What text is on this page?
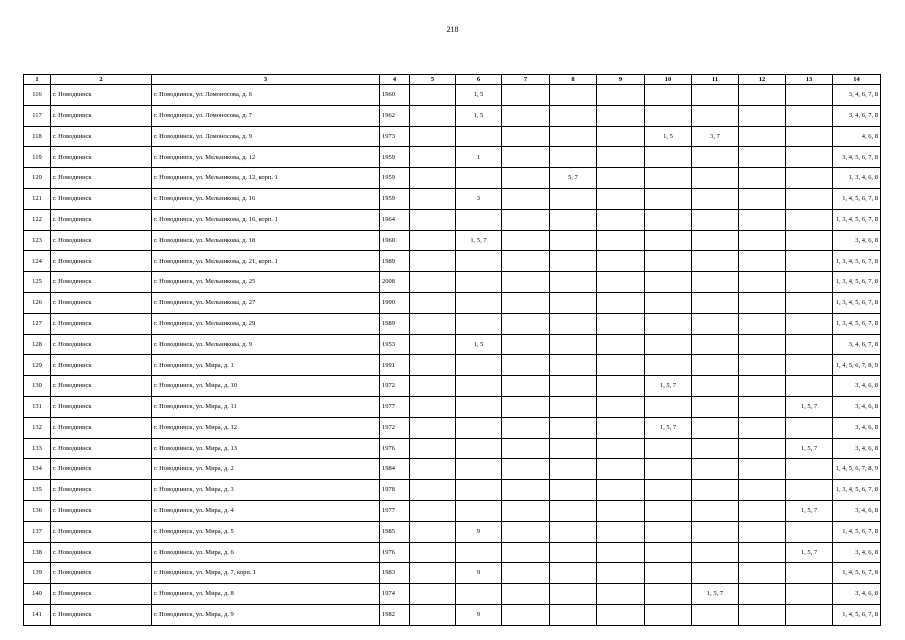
218
1	2	3	4	5	6	7	8	9	10	11	12	13	14
116	г. Новодвинск	г. Новодвинск, ул. Ломоносова, д. 6	1960		1, 5								3, 4, 6, 7, 8
117	г. Новодвинск	г. Новодвинск, ул. Ломоносова, д. 7	1962		1, 5								3, 4, 6, 7, 8
118	г. Новодвинск	г. Новодвинск, ул. Ломоносова, д. 9	1973						1, 5	3, 7			4, 6, 8
119	г. Новодвинск	г. Новодвинск, ул. Мельникова, д. 12	1959		1								3, 4, 5, 6, 7, 8
120	г. Новодвинск	г. Новодвинск, ул. Мельникова, д. 12, корп. 1	1959				5, 7						1, 3, 4, 6, 8
121	г. Новодвинск	г. Новодвинск, ул. Мельникова, д. 16	1959		3								1, 4, 5, 6, 7, 8
122	г. Новодвинск	г. Новодвинск, ул. Мельникова, д. 16, корп. 1	1964										1, 3, 4, 5, 6, 7, 8
123	г. Новодвинск	г. Новодвинск, ул. Мельникова, д. 18	1960		1, 5, 7								3, 4, 6, 8
124	г. Новодвинск	г. Новодвинск, ул. Мельникова, д. 21, корп. 1	1989										1, 3, 4, 5, 6, 7, 8
125	г. Новодвинск	г. Новодвинск, ул. Мельникова, д. 25	2008										1, 3, 4, 5, 6, 7, 8
126	г. Новодвинск	г. Новодвинск, ул. Мельникова, д. 27	1990										1, 3, 4, 5, 6, 7, 8
127	г. Новодвинск	г. Новодвинск, ул. Мельникова, д. 29	1989										1, 3, 4, 5, 6, 7, 8
128	г. Новодвинск	г. Новодвинск, ул. Мельникова, д. 9	1953		1, 5								3, 4, 6, 7, 8
129	г. Новодвинск	г. Новодвинск, ул. Мира, д. 1	1991										1, 4, 5, 6, 7, 8, 9
130	г. Новодвинск	г. Новодвинск, ул. Мира, д. 10	1972						1, 5, 7				3, 4, 6, 8
131	г. Новодвинск	г. Новодвинск, ул. Мира, д. 11	1977									1, 5, 7	3, 4, 6, 8
132	г. Новодвинск	г. Новодвинск, ул. Мира, д. 12	1972						1, 5, 7				3, 4, 6, 8
133	г. Новодвинск	г. Новодвинск, ул. Мира, д. 13	1976									1, 5, 7	3, 4, 6, 8
134	г. Новодвинск	г. Новодвинск, ул. Мира, д. 2	1984										1, 4, 5, 6, 7, 8, 9
135	г. Новодвинск	г. Новодвинск, ул. Мира, д. 3	1978										1, 3, 4, 5, 6, 7, 8
136	г. Новодвинск	г. Новодвинск, ул. Мира, д. 4	1977									1, 5, 7	3, 4, 6, 8
137	г. Новодвинск	г. Новодвинск, ул. Мира, д. 5	1985		9								1, 4, 5, 6, 7, 8
138	г. Новодвинск	г. Новодвинск, ул. Мира, д. 6	1976									1, 5, 7	3, 4, 6, 8
139	г. Новодвинск	г. Новодвинск, ул. Мира, д. 7, корп. 1	1983		9								1, 4, 5, 6, 7, 8
140	г. Новодвинск	г. Новодвинск, ул. Мира, д. 8	1974							1, 5, 7			3, 4, 6, 8
141	г. Новодвинск	г. Новодвинск, ул. Мира, д. 9	1982		9								1, 4, 5, 6, 7, 8
